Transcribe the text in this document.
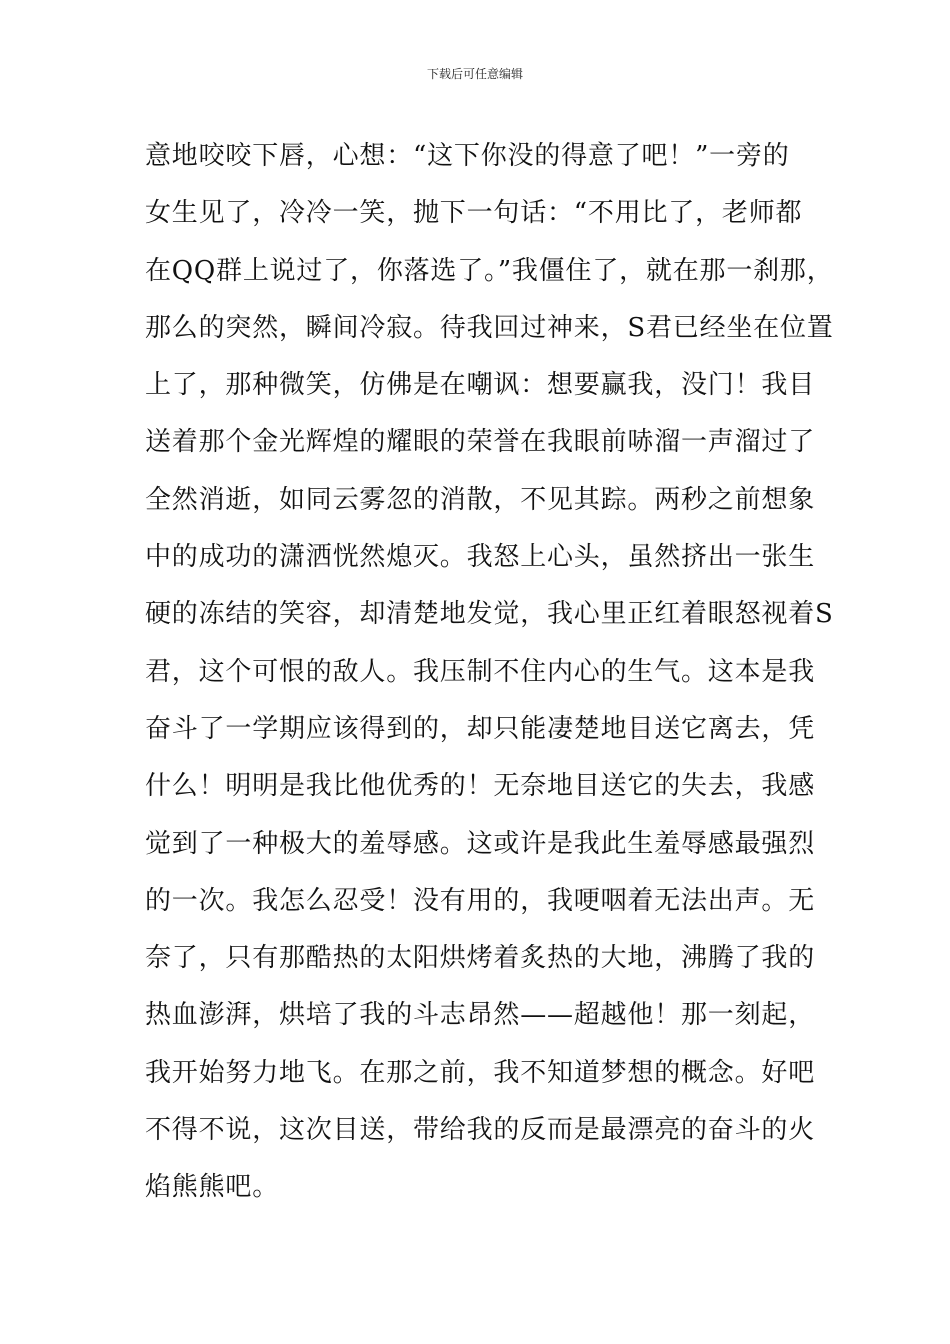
下载后可任意编辑
意地咬咬下唇，心想：“这下你没的得意了吧！”一旁的
女生见了，冷冷一笑，抛下一句话：“不用比了，老师都
在QQ群上说过了，你落选了。”我僵住了，就在那一刹那，
那么的突然，瞬间冷寂。待我回过神来，S君已经坐在位置
上了，那种微笑，仿佛是在嘲讽：想要赢我，没门！我目
送着那个金光辉煌的耀眼的荣誉在我眼前哧溜一声溜过了
全然消逝，如同云雾忽的消散，不见其踪。两秒之前想象
中的成功的潇洒恍然熄灭。我怒上心头，虽然挤出一张生
硬的冻结的笑容，却清楚地发觉，我心里正红着眼怒视着S
君，这个可恨的敌人。我压制不住内心的生气。这本是我
奋斗了一学期应该得到的，却只能凄楚地目送它离去，凭
什么！明明是我比他优秀的！无奈地目送它的失去，我感
觉到了一种极大的羞辱感。这或许是我此生羞辱感最强烈
的一次。我怎么忍受！没有用的，我哽咽着无法出声。无
奈了，只有那酷热的太阳烘烤着炙热的大地，沸腾了我的
热血澎湃，烘培了我的斗志昂然——超越他！那一刻起，
我开始努力地飞。在那之前，我不知道梦想的概念。好吧
不得不说，这次目送，带给我的反而是最漂亮的奋斗的火
焰熊熊吧。
